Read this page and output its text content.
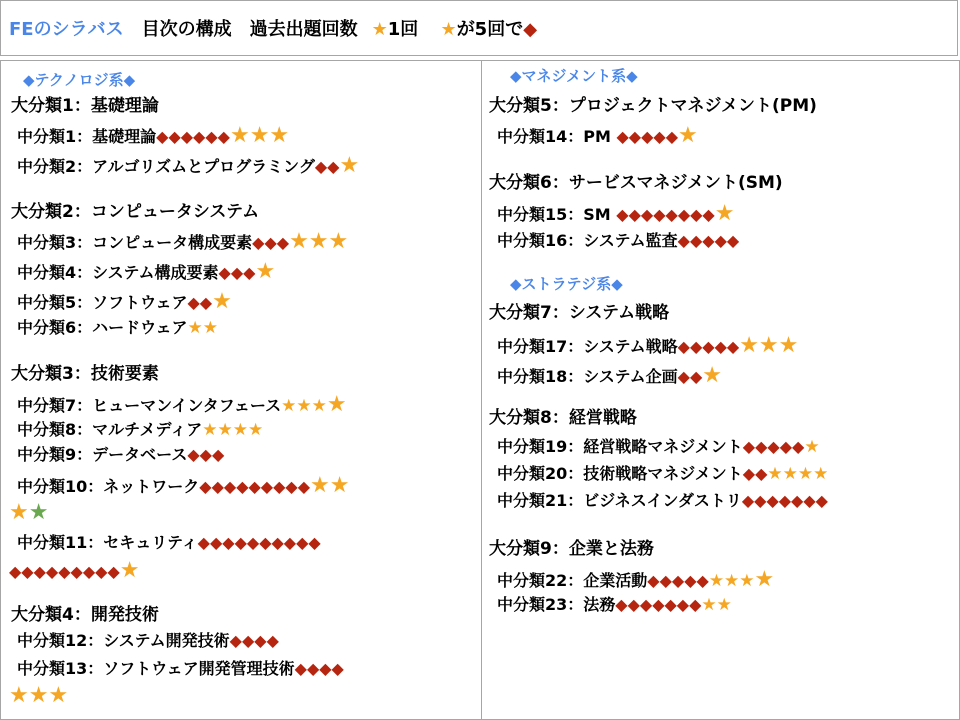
FEのシラバス 目次の構成　過去出題回数 ★1回 ★が5回で◆
◆テクノロジ系◆
大分類1：基礎理論
中分類1：基礎理論◆◆◆◆◆◆★★★
中分類2：アルゴリズムとプログラミング◆◆★
大分類2：コンピュータシステム
中分類3：コンピュータ構成要素◆◆◆★★★
中分類4：システム構成要素◆◆◆★
中分類5：ソフトウェア◆◆★
中分類6：ハードウェア★★
大分類3：技術要素
中分類7：ヒューマンインタフェース★★★★
中分類8：マルチメディア★★★★
中分類9：データベース◆◆◆
中分類10：ネットワーク◆◆◆◆◆◆◆◆◆★★
★★
中分類11：セキュリティ◆◆◆◆◆◆◆◆◆◆
◆◆◆◆◆◆◆◆◆★
大分類4：開発技術
中分類12：システム開発技術◆◆◆◆
中分類13：ソフトウェア開発管理技術◆◆◆◆
★★★
◆マネジメント系◆
大分類5：プロジェクトマネジメント(PM)
中分類14：PM ◆◆◆◆◆★
大分類6：サービスマネジメント(SM)
中分類15：SM ◆◆◆◆◆◆◆◆★
中分類16：システム監査◆◆◆◆◆
◆ストラテジ系◆
大分類7：システム戦略
中分類17：システム戦略◆◆◆◆◆★★★
中分類18：システム企画◆◆★
大分類8：経営戦略
中分類19：経営戦略マネジメント◆◆◆◆◆★
中分類20：技術戦略マネジメント◆◆★★★★
中分類21：ビジネスインダストリ◆◆◆◆◆◆◆
大分類9：企業と法務
中分類22：企業活動◆◆◆◆◆★★★★
中分類23：法務◆◆◆◆◆◆◆★★
